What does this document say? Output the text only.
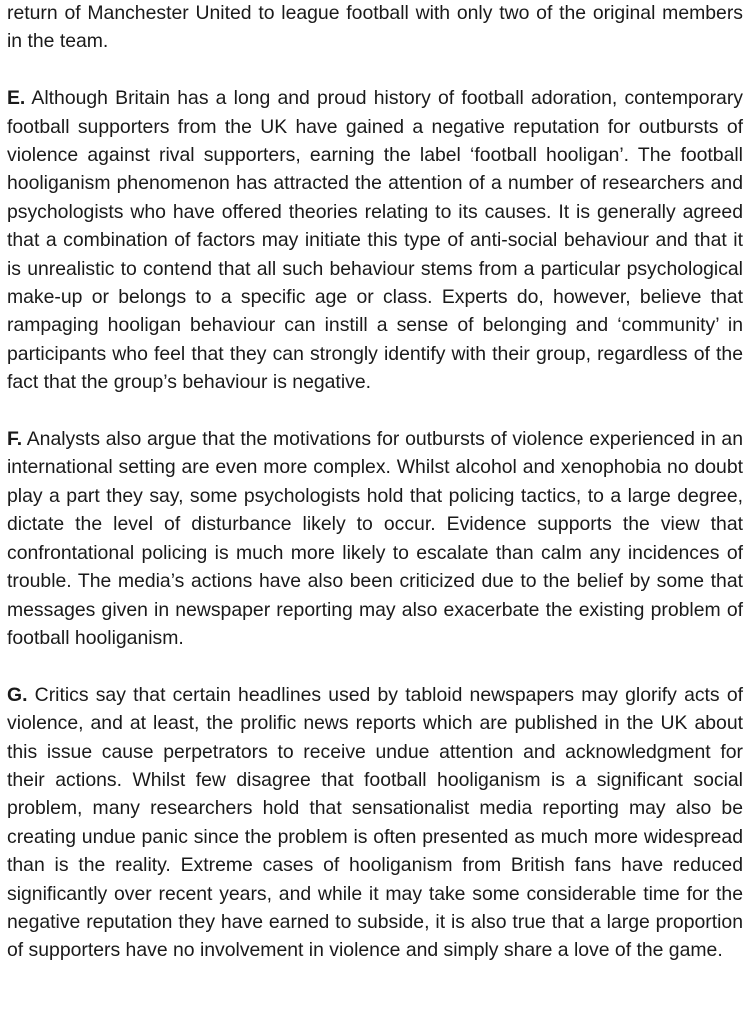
return of Manchester United to league football with only two of the original members in the team.

E. Although Britain has a long and proud history of football adoration, contemporary football supporters from the UK have gained a negative reputation for outbursts of violence against rival supporters, earning the label ‘football hooligan’. The football hooliganism phenomenon has attracted the attention of a number of researchers and psychologists who have offered theories relating to its causes. It is generally agreed that a combination of factors may initiate this type of anti-social behaviour and that it is unrealistic to contend that all such behaviour stems from a particular psychological make-up or belongs to a specific age or class. Experts do, however, believe that rampaging hooligan behaviour can instill a sense of belonging and ‘community’ in participants who feel that they can strongly identify with their group, regardless of the fact that the group’s behaviour is negative.

F. Analysts also argue that the motivations for outbursts of violence experienced in an international setting are even more complex. Whilst alcohol and xenophobia no doubt play a part they say, some psychologists hold that policing tactics, to a large degree, dictate the level of disturbance likely to occur. Evidence supports the view that confrontational policing is much more likely to escalate than calm any incidences of trouble. The media’s actions have also been criticized due to the belief by some that messages given in newspaper reporting may also exacerbate the existing problem of football hooliganism.

G. Critics say that certain headlines used by tabloid newspapers may glorify acts of violence, and at least, the prolific news reports which are published in the UK about this issue cause perpetrators to receive undue attention and acknowledgment for their actions. Whilst few disagree that football hooliganism is a significant social problem, many researchers hold that sensationalist media reporting may also be creating undue panic since the problem is often presented as much more widespread than is the reality. Extreme cases of hooliganism from British fans have reduced significantly over recent years, and while it may take some considerable time for the negative reputation they have earned to subside, it is also true that a large proportion of supporters have no involvement in violence and simply share a love of the game.
